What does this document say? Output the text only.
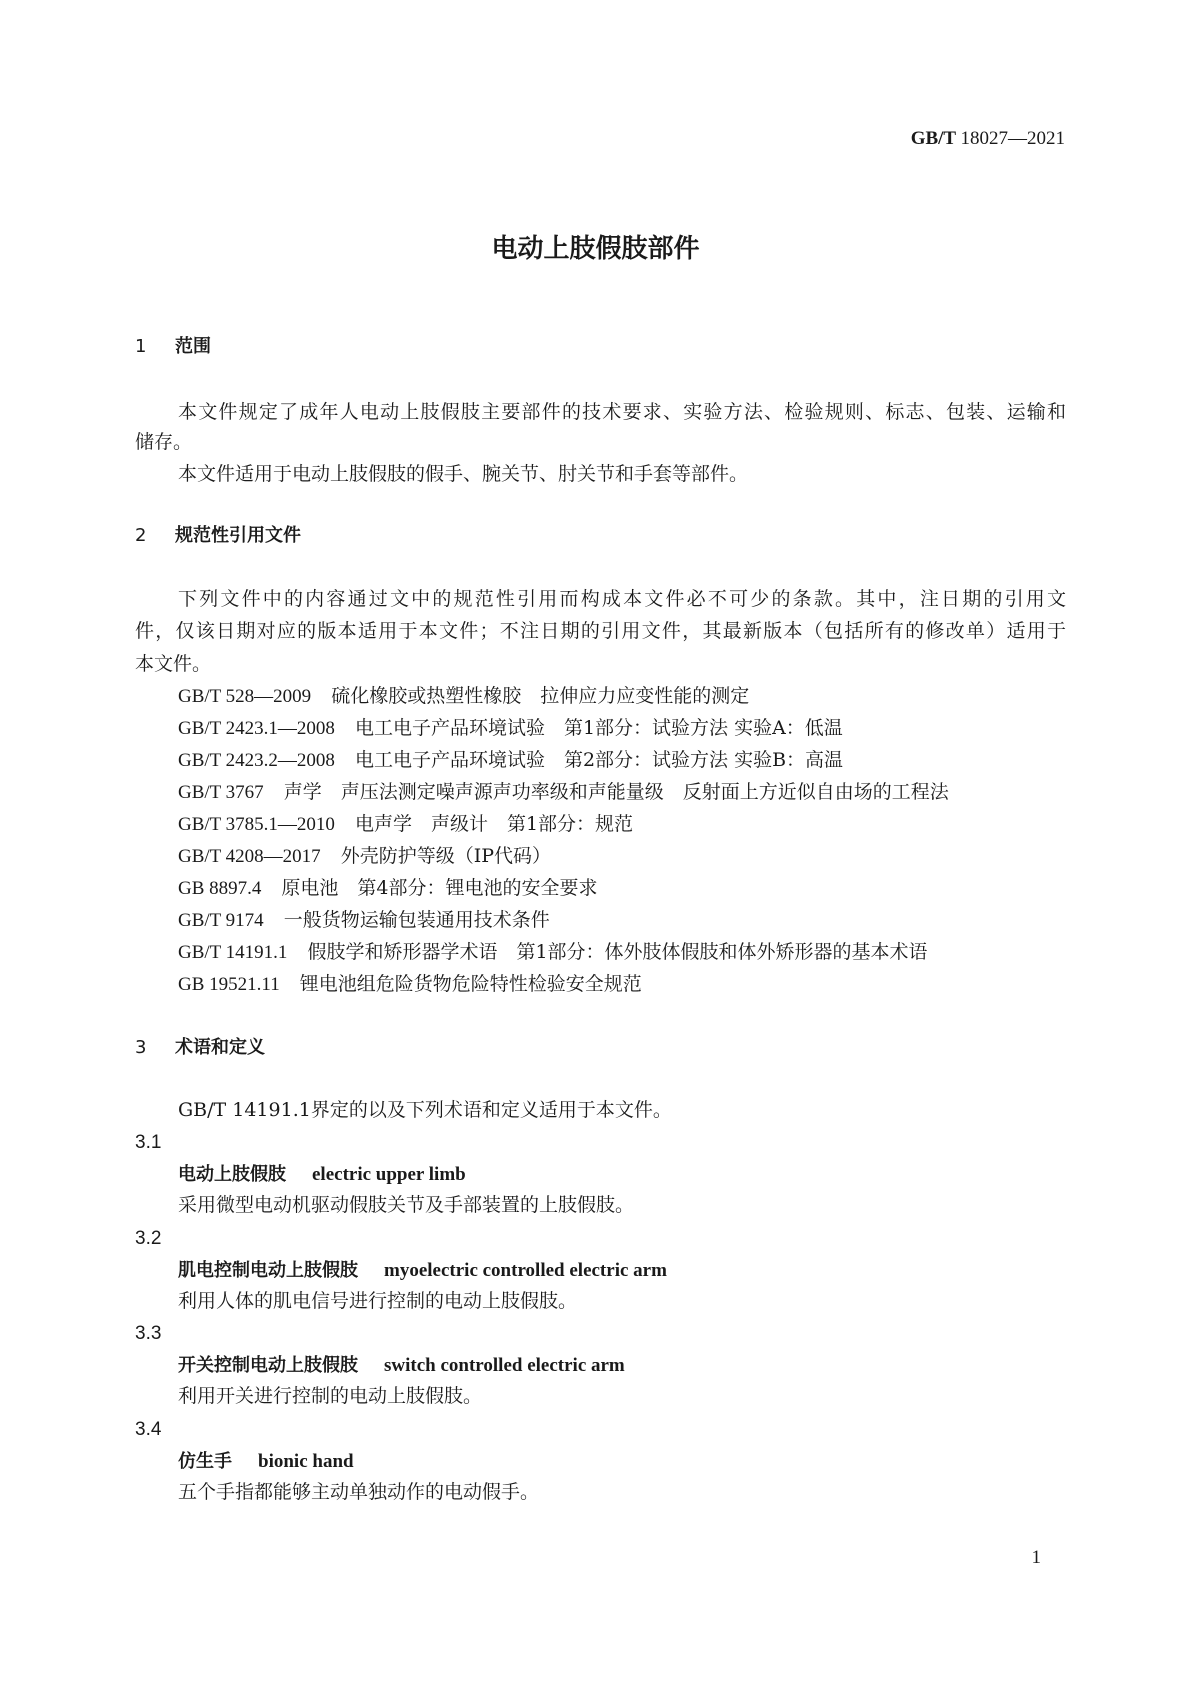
GB/T 18027—2021
电动上肢假肢部件
1 范围
本文件规定了成年人电动上肢假肢主要部件的技术要求、实验方法、检验规则、标志、包装、运输和
储存。
本文件适用于电动上肢假肢的假手、腕关节、肘关节和手套等部件。
2 规范性引用文件
下列文件中的内容通过文中的规范性引用而构成本文件必不可少的条款。其中，注日期的引用文
件，仅该日期对应的版本适用于本文件；不注日期的引用文件，其最新版本（包括所有的修改单）适用于
本文件。
GB/T 528—2009 硫化橡胶或热塑性橡胶　拉伸应力应变性能的测定
GB/T 2423.1—2008 电工电子产品环境试验　第1部分：试验方法 实验A：低温
GB/T 2423.2—2008 电工电子产品环境试验　第2部分：试验方法 实验B：高温
GB/T 3767 声学　声压法测定噪声源声功率级和声能量级　反射面上方近似自由场的工程法
GB/T 3785.1—2010 电声学　声级计　第1部分：规范
GB/T 4208—2017 外壳防护等级（IP代码）
GB 8897.4 原电池　第4部分：锂电池的安全要求
GB/T 9174 一般货物运输包装通用技术条件
GB/T 14191.1 假肢学和矫形器学术语　第1部分：体外肢体假肢和体外矫形器的基本术语
GB 19521.11 锂电池组危险货物危险特性检验安全规范
3 术语和定义
GB/T 14191.1界定的以及下列术语和定义适用于本文件。
3.1
电动上肢假肢 electric upper limb
采用微型电动机驱动假肢关节及手部装置的上肢假肢。
3.2
肌电控制电动上肢假肢 myoelectric controlled electric arm
利用人体的肌电信号进行控制的电动上肢假肢。
3.3
开关控制电动上肢假肢 switch controlled electric arm
利用开关进行控制的电动上肢假肢。
3.4
仿生手 bionic hand
五个手指都能够主动单独动作的电动假手。
1
